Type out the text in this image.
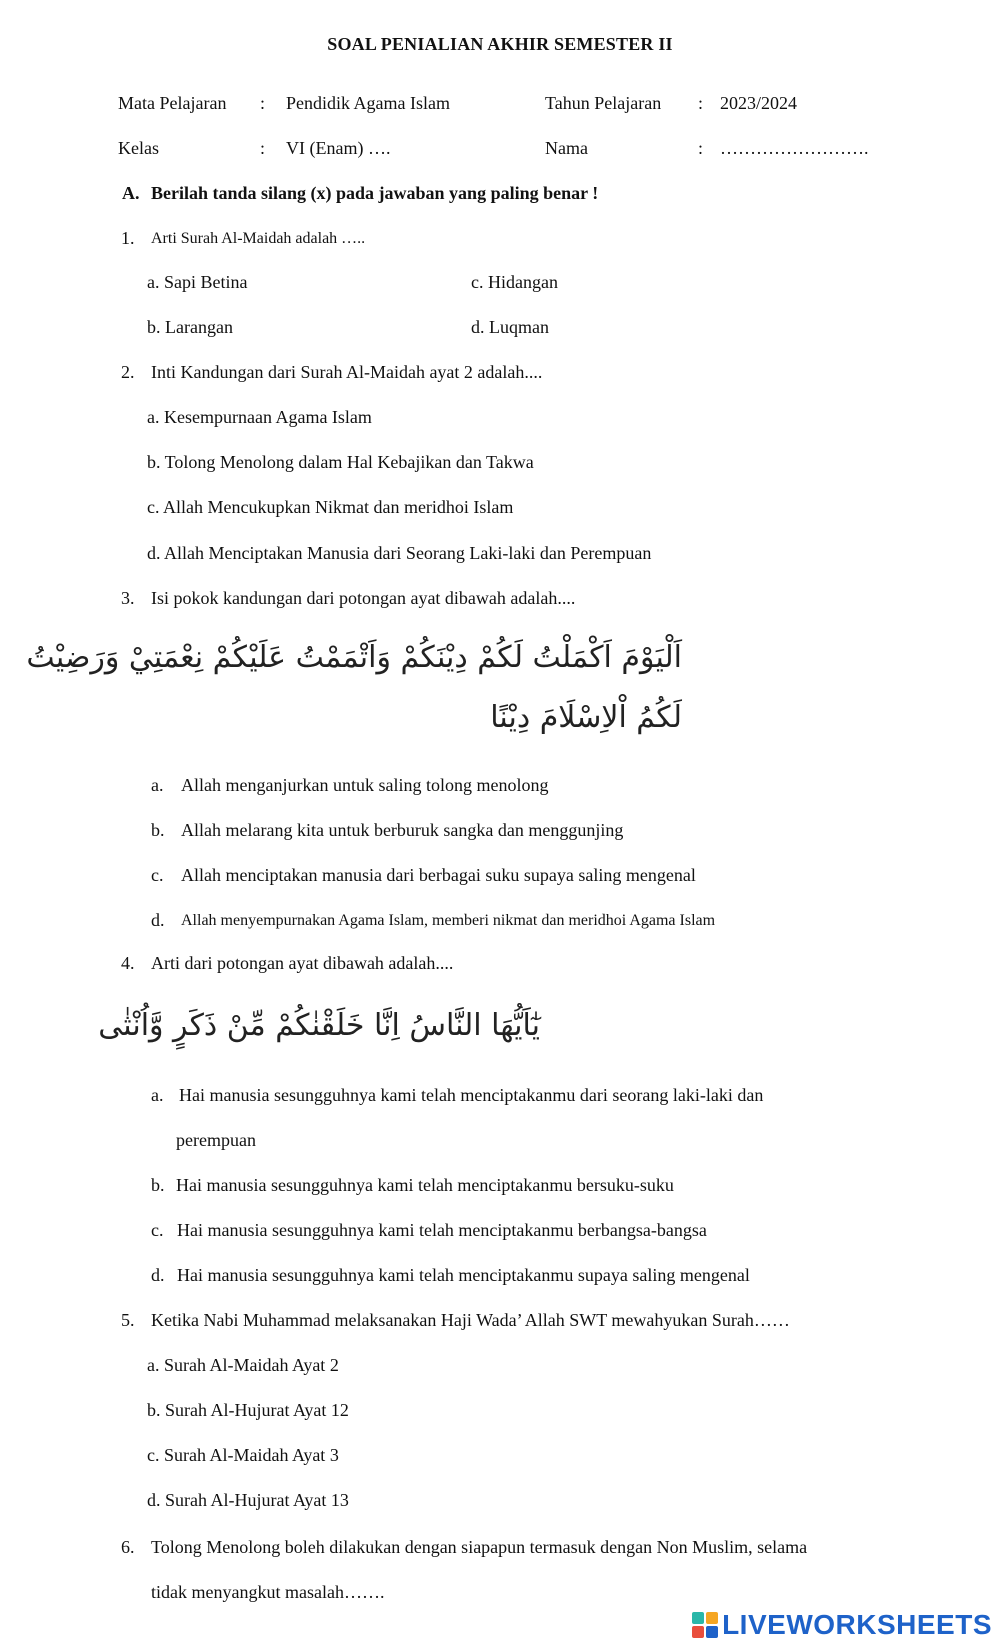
SOAL PENIALIAN AKHIR SEMESTER II
Mata Pelajaran : Pendidik Agama Islam	Tahun Pelajaran : 2023/2024
Kelas	: VI (Enam) ….	Nama	: …………………….
A. Berilah tanda silang (x) pada jawaban yang paling benar !
1. Arti Surah Al-Maidah adalah …..
a. Sapi Betina
b. Larangan
c. Hidangan
d. Luqman
2. Inti Kandungan dari Surah Al-Maidah ayat 2 adalah....
a. Kesempurnaan Agama Islam
b. Tolong Menolong dalam Hal Kebajikan dan Takwa
c. Allah Mencukupkan Nikmat dan meridhoi Islam
d. Allah Menciptakan Manusia dari Seorang Laki-laki dan Perempuan
3. Isi pokok kandungan dari potongan ayat dibawah adalah....
اَلْيَوْمَ اَكْمَلْتُ لَكُمْ دِيْنَكُمْ وَاَتْمَمْتُ عَلَيْكُمْ نِعْمَتِيْ وَرَضِيْتُ
لَكُمُ اْلاِسْلَامَ دِيْنًا
a. Allah menganjurkan untuk saling tolong menolong
b. Allah melarang kita untuk berburuk sangka dan menggunjing
c. Allah menciptakan manusia dari berbagai suku supaya saling mengenal
d. Allah menyempurnakan Agama Islam, memberi nikmat dan meridhoi Agama Islam
4. Arti dari potongan ayat dibawah adalah....
يٰٓاَيُّهَا النَّاسُ اِنَّا خَلَقْنٰكُمْ مِّنْ ذَكَرٍ وَّاُنْثٰى
a. Hai manusia sesungguhnya kami telah menciptakanmu dari seorang laki-laki dan
perempuan
b. Hai manusia sesungguhnya kami telah menciptakanmu bersuku-suku
c. Hai manusia sesungguhnya kami telah menciptakanmu berbangsa-bangsa
d. Hai manusia sesungguhnya kami telah menciptakanmu supaya saling mengenal
5. Ketika Nabi Muhammad melaksanakan Haji Wada’ Allah SWT mewahyukan Surah……
a. Surah Al-Maidah Ayat 2
b. Surah Al-Hujurat Ayat 12
c. Surah Al-Maidah Ayat 3
d. Surah Al-Hujurat Ayat 13
6. Tolong Menolong boleh dilakukan dengan siapapun termasuk dengan Non Muslim, selama
tidak menyangkut masalah…….
LIVEWORKSHEETS
